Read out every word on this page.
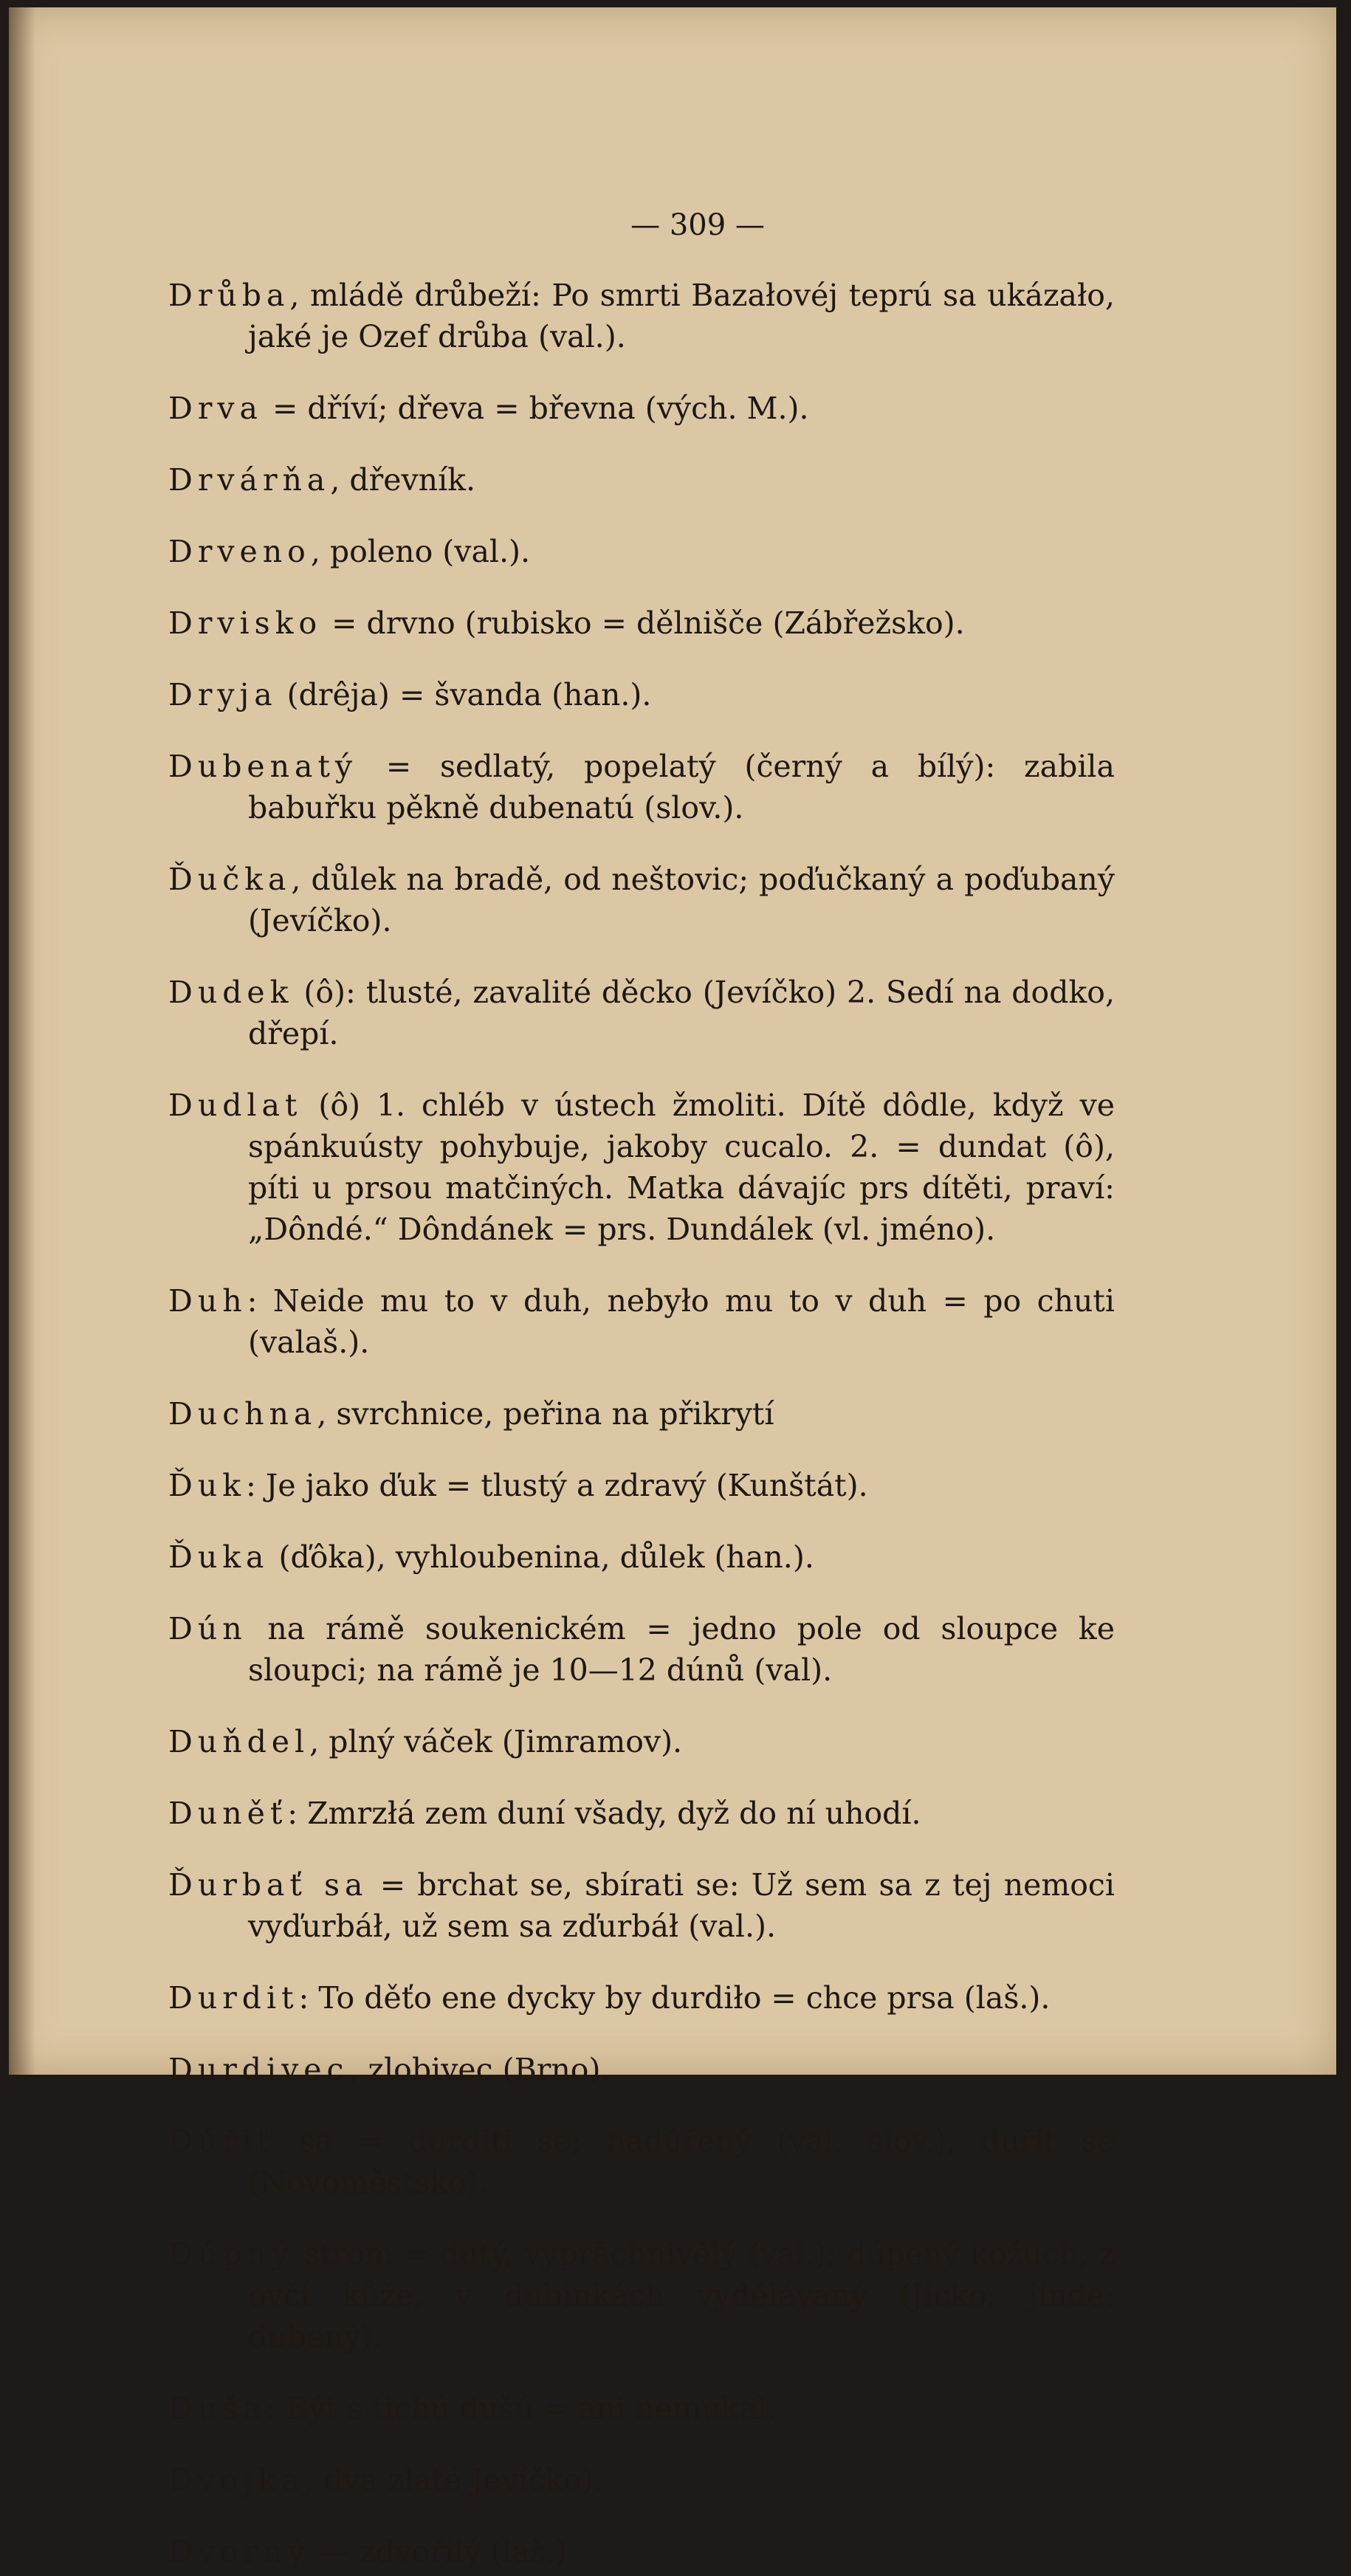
— 309 —

Drůba, mládě drůbeží: Po smrti Bazałovéj teprú sa ukázało, jaké je Ozef drůba (val.).

Drva = dříví; dřeva = břevna (vých. M.).

Drvárňa, dřevník.

Drveno, poleno (val.).

Drvisko = drvno (rubisko = dělnišče (Zábřežsko).

Dryja (drêja) = švanda (han.).

Dubenatý = sedlatý, popelatý (černý a bílý): zabila babuřku pěkně dubenatú (slov.).

Ďučka, důlek na bradě, od neštovic; poďučkaný a poďubaný (Jevíčko).

Dudek (ô): tlusté, zavalité děcko (Jevíčko) 2. Sedí na dodko, dřepí.

Dudlat (ô) 1. chléb v ústech žmoliti. Dítě dôdle, když ve spánkuústy pohybuje, jakoby cucalo. 2. = dundat (ô), píti u prsou matčiných. Matka dávajíc prs dítěti, praví: „Dôndé.“ Dôndánek = prs. Dundálek (vl. jméno).

Duh: Neide mu to v duh, nebyło mu to v duh = po chuti (valaš.).

Duchna, svrchnice, peřina na přikrytí

Ďuk: Je jako ďuk = tlustý a zdravý (Kunštát).

Ďuka (ďôka), vyhloubenina, důlek (han.).

Dún na rámě soukenickém = jedno pole od sloupce ke sloupci; na rámě je 10—12 dúnů (val).

Duňdel, plný váček (Jimramov).

Duněť: Zmrzłá zem duní všady, dyž do ní uhodí.

Ďurbať sa = brchat se, sbírati se: Už sem sa z tej nemoci vyďurbáł, už sem sa zďurbáł (val.).

Durdit: To děťo ene dycky by durdiło = chce prsa (laš.).

Durdivec, zlobivec (Brno).

Dúřiť sa = durditi se; nadúřený (val. slov.), duřit se (Novoměstsko).

Dúpný strom = dutý, vyprāchnivělý (val.); dúpený kožuch, z ovčí kůže, v dubinkách vydělávaný (Jicko; jinde: dubený).

Duša: Být s tichú dušú = ani nemukal.

Dvojka, dva zlaté Jevíčko).

Dvorný — zdvořilý (laš.)
